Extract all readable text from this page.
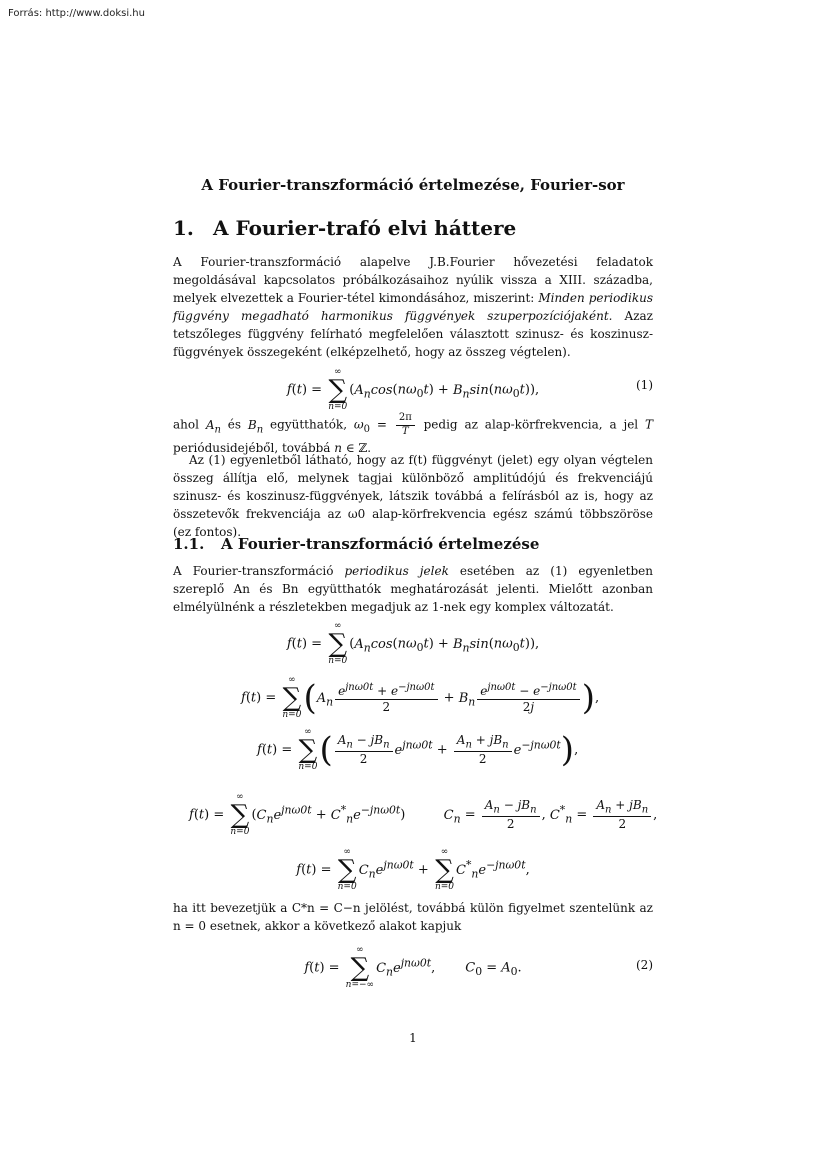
Forrás: http://www.doksi.hu
A Fourier-transzformáció értelmezése, Fourier-sor
1. A Fourier-trafó elvi háttere

A Fourier-transzformáció alapelve J.B.Fourier hővezetési feladatok megoldásával kapcsolatos próbálkozásaihoz nyúlik vissza a XIII. századba, melyek elvezettek a Fourier-tétel kimondásához, miszerint: Minden periodikus függvény megadható harmonikus függvények szuperpozíciójaként. Azaz tetszőleges függvény felírható megfelelően választott szinusz- és koszinusz-függvények összegeként (elképzelhető, hogy az összeg végtelen).

f(t) =
∞
∑
n=0
$(A_n\cos(n\omega_0t) + B_n\sin(n\omega_0t))$,	(1)

ahol $A_n$ és $B_n$ együtthatók, $\omega_0 = \frac{2\pi}{T}$ pedig az alap-körfrekvencia, a jel T periódusidejéből, továbbá n ∈ ℤ.

Az (1) egyenletből látható, hogy az f(t) függvényt (jelet) egy olyan végtelen összeg állítja elő, melynek tagjai különböző amplitúdójú és frekvenciájú szinusz- és koszinusz-függvények, látszik továbbá a felírásból az is, hogy az összetevők frekvenciája az ω0 alap-körfrekvencia egész számú többszöröse (ez fontos).

1.1. A Fourier-transzformáció értelmezése

A Fourier-transzformáció periodikus jelek esetében az (1) egyenletben szereplő An és Bn együtthatók meghatározását jelenti. Mielőtt azonban elmélyülnénk a részletekben megadjuk az 1-nek egy komplex változatát.

f(t) =
∞
∑
n=0
$(A_n\cos(n\omega_0t) + B_n\sin(n\omega_0t))$,
f(t) =
∞
∑
n=0 ($A_n \frac{e^{jn\omega 0t} + e^{-jn\omega 0t}}{2} + B_n \frac{e^{jn\omega 0t} - e^{-jn\omega 0t}}{2j}$ ),
f(t) =
∞
∑
n=0 ( $\frac{A_n - jB_n}{2} e^{jn\omega 0t} + \frac{A_n + jB_n}{2} e^{-jn\omega 0t}$),
f(t) =
∞
∑
n=0
$(C_ne^{jn\omega 0t} + C^*_ne^{-jn\omega 0t})$	$C_n = \frac{A_n - jB_n}{2}$ , $C^*_n = \frac{A_n + jB_n}{2}$ ,
f(t) =
∞
∑
n=0
$C_ne^{jn\omega 0t}$ +
∞
∑
n=0
$C^*_ne^{-jn\omega 0t}$,

ha itt bevezetjük a C*n = C−n jelölést, továbbá külön figyelmet szentelünk az n = 0 esetnek, akkor a következő alakot kapjuk

f(t) =
∞
∑
n=−∞
$C_ne^{jn\omega 0t}$, $C_0 = A_0$.	(2)
1
